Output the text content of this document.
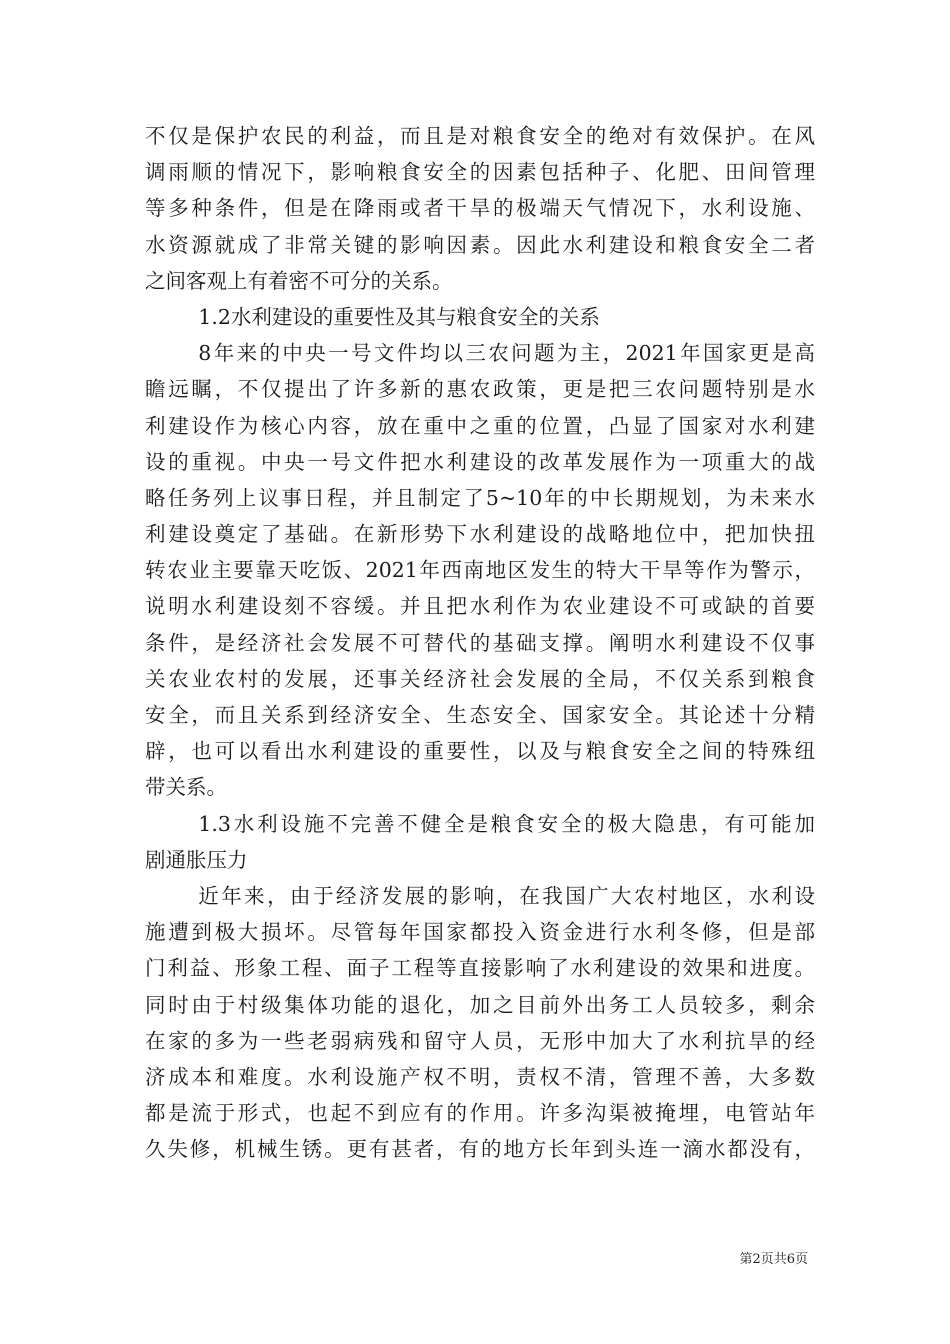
不仅是保护农民的利益，而且是对粮食安全的绝对有效保护。在风
调雨顺的情况下，影响粮食安全的因素包括种子、化肥、田间管理
等多种条件，但是在降雨或者干旱的极端天气情况下，水利设施、
水资源就成了非常关键的影响因素。因此水利建设和粮食安全二者
之间客观上有着密不可分的关系。
1.2水利建设的重要性及其与粮食安全的关系
8年来的中央一号文件均以三农问题为主，2021年国家更是高
瞻远瞩，不仅提出了许多新的惠农政策，更是把三农问题特别是水
利建设作为核心内容，放在重中之重的位置，凸显了国家对水利建
设的重视。中央一号文件把水利建设的改革发展作为一项重大的战
略任务列上议事日程，并且制定了5~10年的中长期规划，为未来水
利建设奠定了基础。在新形势下水利建设的战略地位中，把加快扭
转农业主要靠天吃饭、2021年西南地区发生的特大干旱等作为警示，
说明水利建设刻不容缓。并且把水利作为农业建设不可或缺的首要
条件，是经济社会发展不可替代的基础支撑。阐明水利建设不仅事
关农业农村的发展，还事关经济社会发展的全局，不仅关系到粮食
安全，而且关系到经济安全、生态安全、国家安全。其论述十分精
辟，也可以看出水利建设的重要性，以及与粮食安全之间的特殊纽
带关系。
1.3水利设施不完善不健全是粮食安全的极大隐患，有可能加
剧通胀压力
近年来，由于经济发展的影响，在我国广大农村地区，水利设
施遭到极大损坏。尽管每年国家都投入资金进行水利冬修，但是部
门利益、形象工程、面子工程等直接影响了水利建设的效果和进度。
同时由于村级集体功能的退化，加之目前外出务工人员较多，剩余
在家的多为一些老弱病残和留守人员，无形中加大了水利抗旱的经
济成本和难度。水利设施产权不明，责权不清，管理不善，大多数
都是流于形式，也起不到应有的作用。许多沟渠被掩埋，电管站年
久失修，机械生锈。更有甚者，有的地方长年到头连一滴水都没有，
第2页共6页
